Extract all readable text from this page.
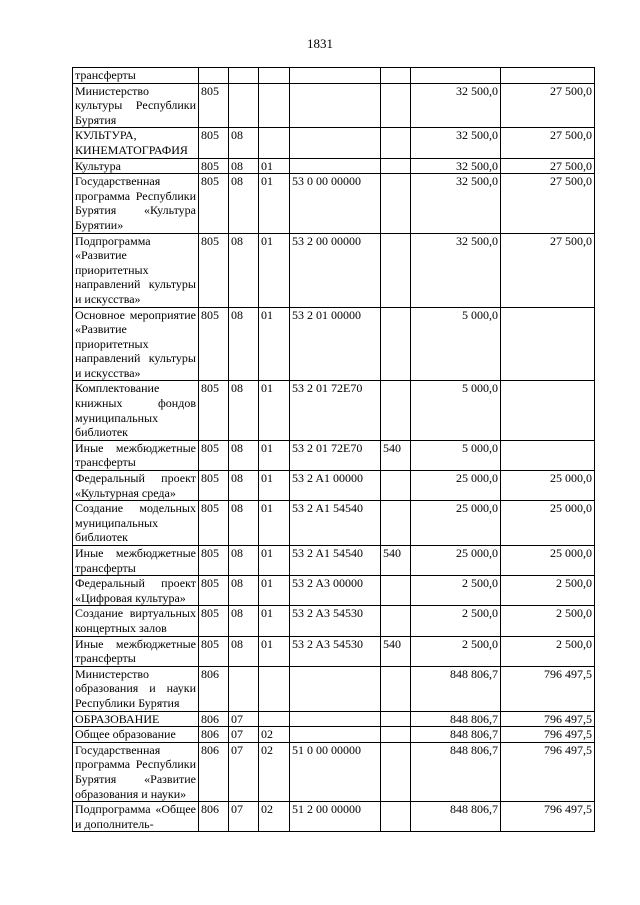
1831
трансферты							
Министерство культуры Республики Бурятия	805					32 500,0	27 500,0
КУЛЬТУРА, КИНЕМАТОГРАФИЯ	805	08				32 500,0	27 500,0
Культура	805	08	01			32 500,0	27 500,0
Государственная программа Республики Бурятия «Культура Бурятии»	805	08	01	53 0 00 00000		32 500,0	27 500,0
Подпрограмма «Развитие приоритетных направлений культуры и искусства»	805	08	01	53 2 00 00000		32 500,0	27 500,0
Основное мероприятие «Развитие приоритетных направлений культуры и искусства»	805	08	01	53 2 01 00000		5 000,0	
Комплектование книжных фондов муниципальных библиотек	805	08	01	53 2 01 72Е70		5 000,0	
Иные межбюджетные трансферты	805	08	01	53 2 01 72Е70	540	5 000,0	
Федеральный проект «Культурная среда»	805	08	01	53 2 A1 00000		25 000,0	25 000,0
Создание модельных муниципальных библиотек	805	08	01	53 2 A1 54540		25 000,0	25 000,0
Иные межбюджетные трансферты	805	08	01	53 2 A1 54540	540	25 000,0	25 000,0
Федеральный проект «Цифровая культура»	805	08	01	53 2 A3 00000		2 500,0	2 500,0
Создание виртуальных концертных залов	805	08	01	53 2 A3 54530		2 500,0	2 500,0
Иные межбюджетные трансферты	805	08	01	53 2 A3 54530	540	2 500,0	2 500,0
Министерство образования и науки Республики Бурятия	806					848 806,7	796 497,5
ОБРАЗОВАНИЕ	806	07				848 806,7	796 497,5
Общее образование	806	07	02			848 806,7	796 497,5
Государственная программа Республики Бурятия «Развитие образования и науки»	806	07	02	51 0 00 00000		848 806,7	796 497,5
Подпрограмма «Общее и дополнитель-	806	07	02	51 2 00 00000		848 806,7	796 497,5
